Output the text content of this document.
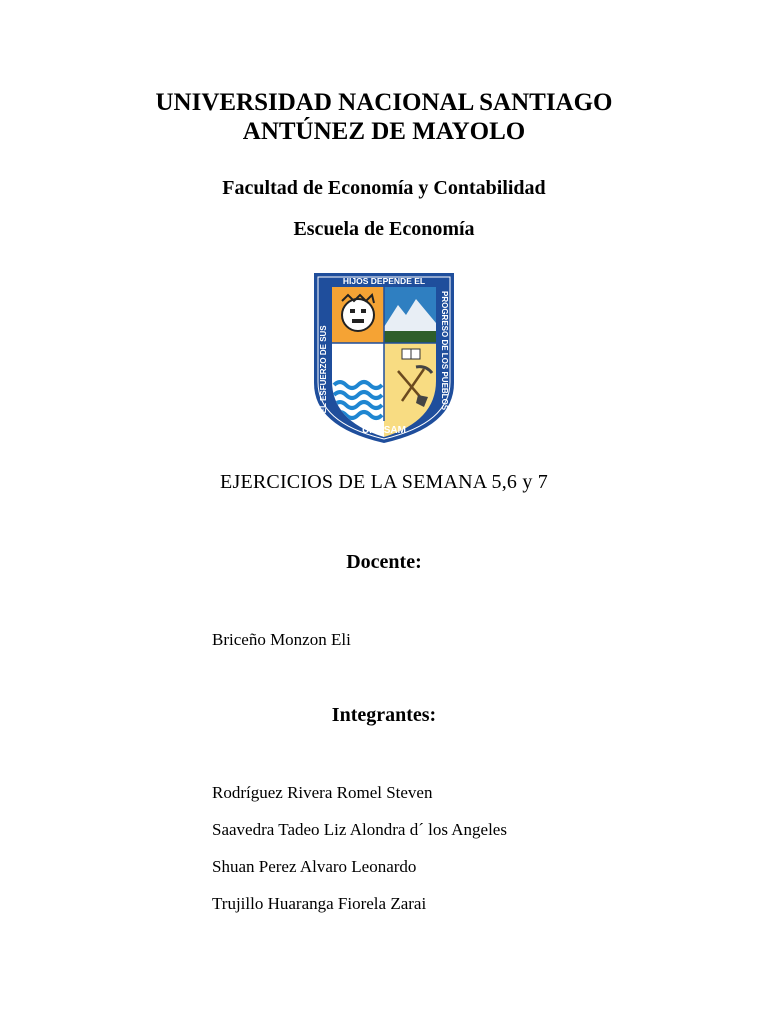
UNIVERSIDAD NACIONAL SANTIAGO
ANTÚNEZ DE MAYOLO
Facultad de Economía y Contabilidad
Escuela de Economía
HIJOS DEPENDE EL
DEL ESFUERZO DE SUS	PROGRESO DE LOS PUEBLOS
UNASAM
EJERCICIOS DE LA SEMANA 5,6 y 7
Docente:
Briceño Monzon Eli
Integrantes:
Rodríguez Rivera Romel Steven
Saavedra Tadeo Liz Alondra d´ los Angeles
Shuan Perez Alvaro Leonardo
Trujillo Huaranga Fiorela Zarai
